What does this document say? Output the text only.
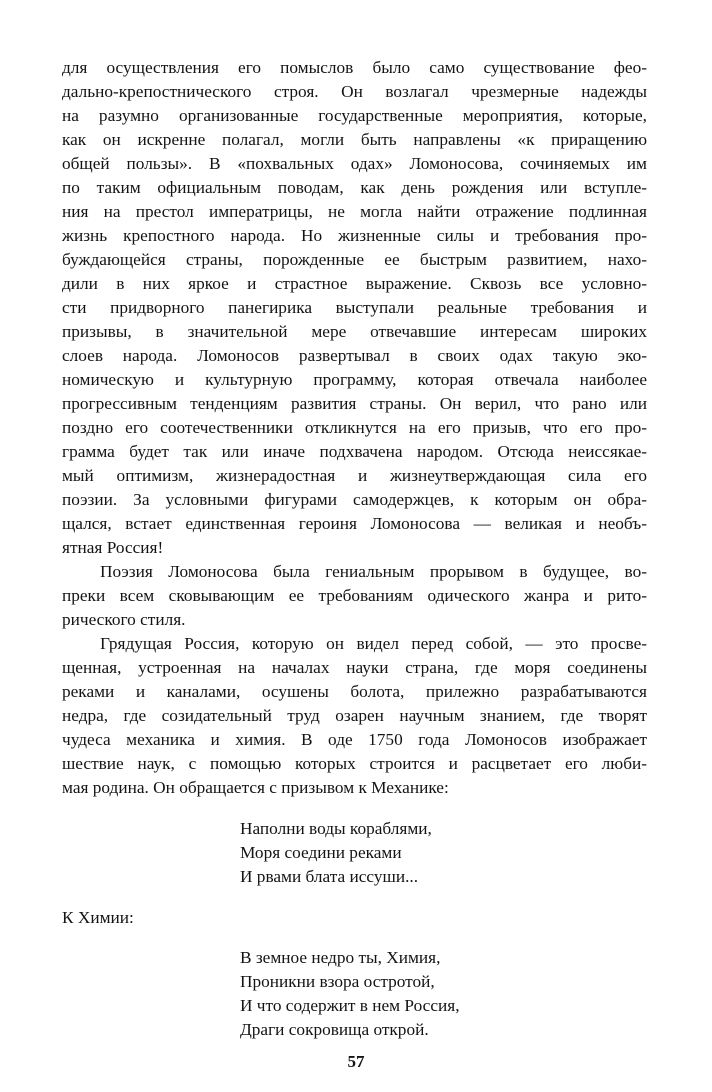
для осуществления его помыслов было само существование фео-
дально-крепостнического строя. Он возлагал чрезмерные надежды
на разумно организованные государственные мероприятия, которые,
как он искренне полагал, могли быть направлены «к приращению
общей пользы». В «похвальных одах» Ломоносова, сочиняемых им
по таким официальным поводам, как день рождения или вступле-
ния на престол императрицы, не могла найти отражение подлинная
жизнь крепостного народа. Но жизненные силы и требования про-
буждающейся страны, порожденные ее быстрым развитием, нахо-
дили в них яркое и страстное выражение. Сквозь все условно-
сти придворного панегирика выступали реальные требования и
призывы, в значительной мере отвечавшие интересам широких
слоев народа. Ломоносов развертывал в своих одах такую эко-
номическую и культурную программу, которая отвечала наиболее
прогрессивным тенденциям развития страны. Он верил, что рано или
поздно его соотечественники откликнутся на его призыв, что его про-
грамма будет так или иначе подхвачена народом. Отсюда неиссякае-
мый оптимизм, жизнерадостная и жизнеутверждающая сила его
поэзии. За условными фигурами самодержцев, к которым он обра-
щался, встает единственная героиня Ломоносова — великая и необъ-
ятная Россия!
Поэзия Ломоносова была гениальным прорывом в будущее, во-
преки всем сковывающим ее требованиям одического жанра и рито-
рического стиля.
Грядущая Россия, которую он видел перед собой, — это просве-
щенная, устроенная на началах науки страна, где моря соединены
реками и каналами, осушены болота, прилежно разрабатываются
недра, где созидательный труд озарен научным знанием, где творят
чудеса механика и химия. В оде 1750 года Ломоносов изображает
шествие наук, с помощью которых строится и расцветает его люби-
мая родина. Он обращается с призывом к Механике:
Наполни воды кораблями,
Моря соедини реками
И рвами блата иссуши...
К Химии:
В земное недро ты, Химия,
Проникни взора остротой,
И что содержит в нем Россия,
Драги сокровища открой.
57
